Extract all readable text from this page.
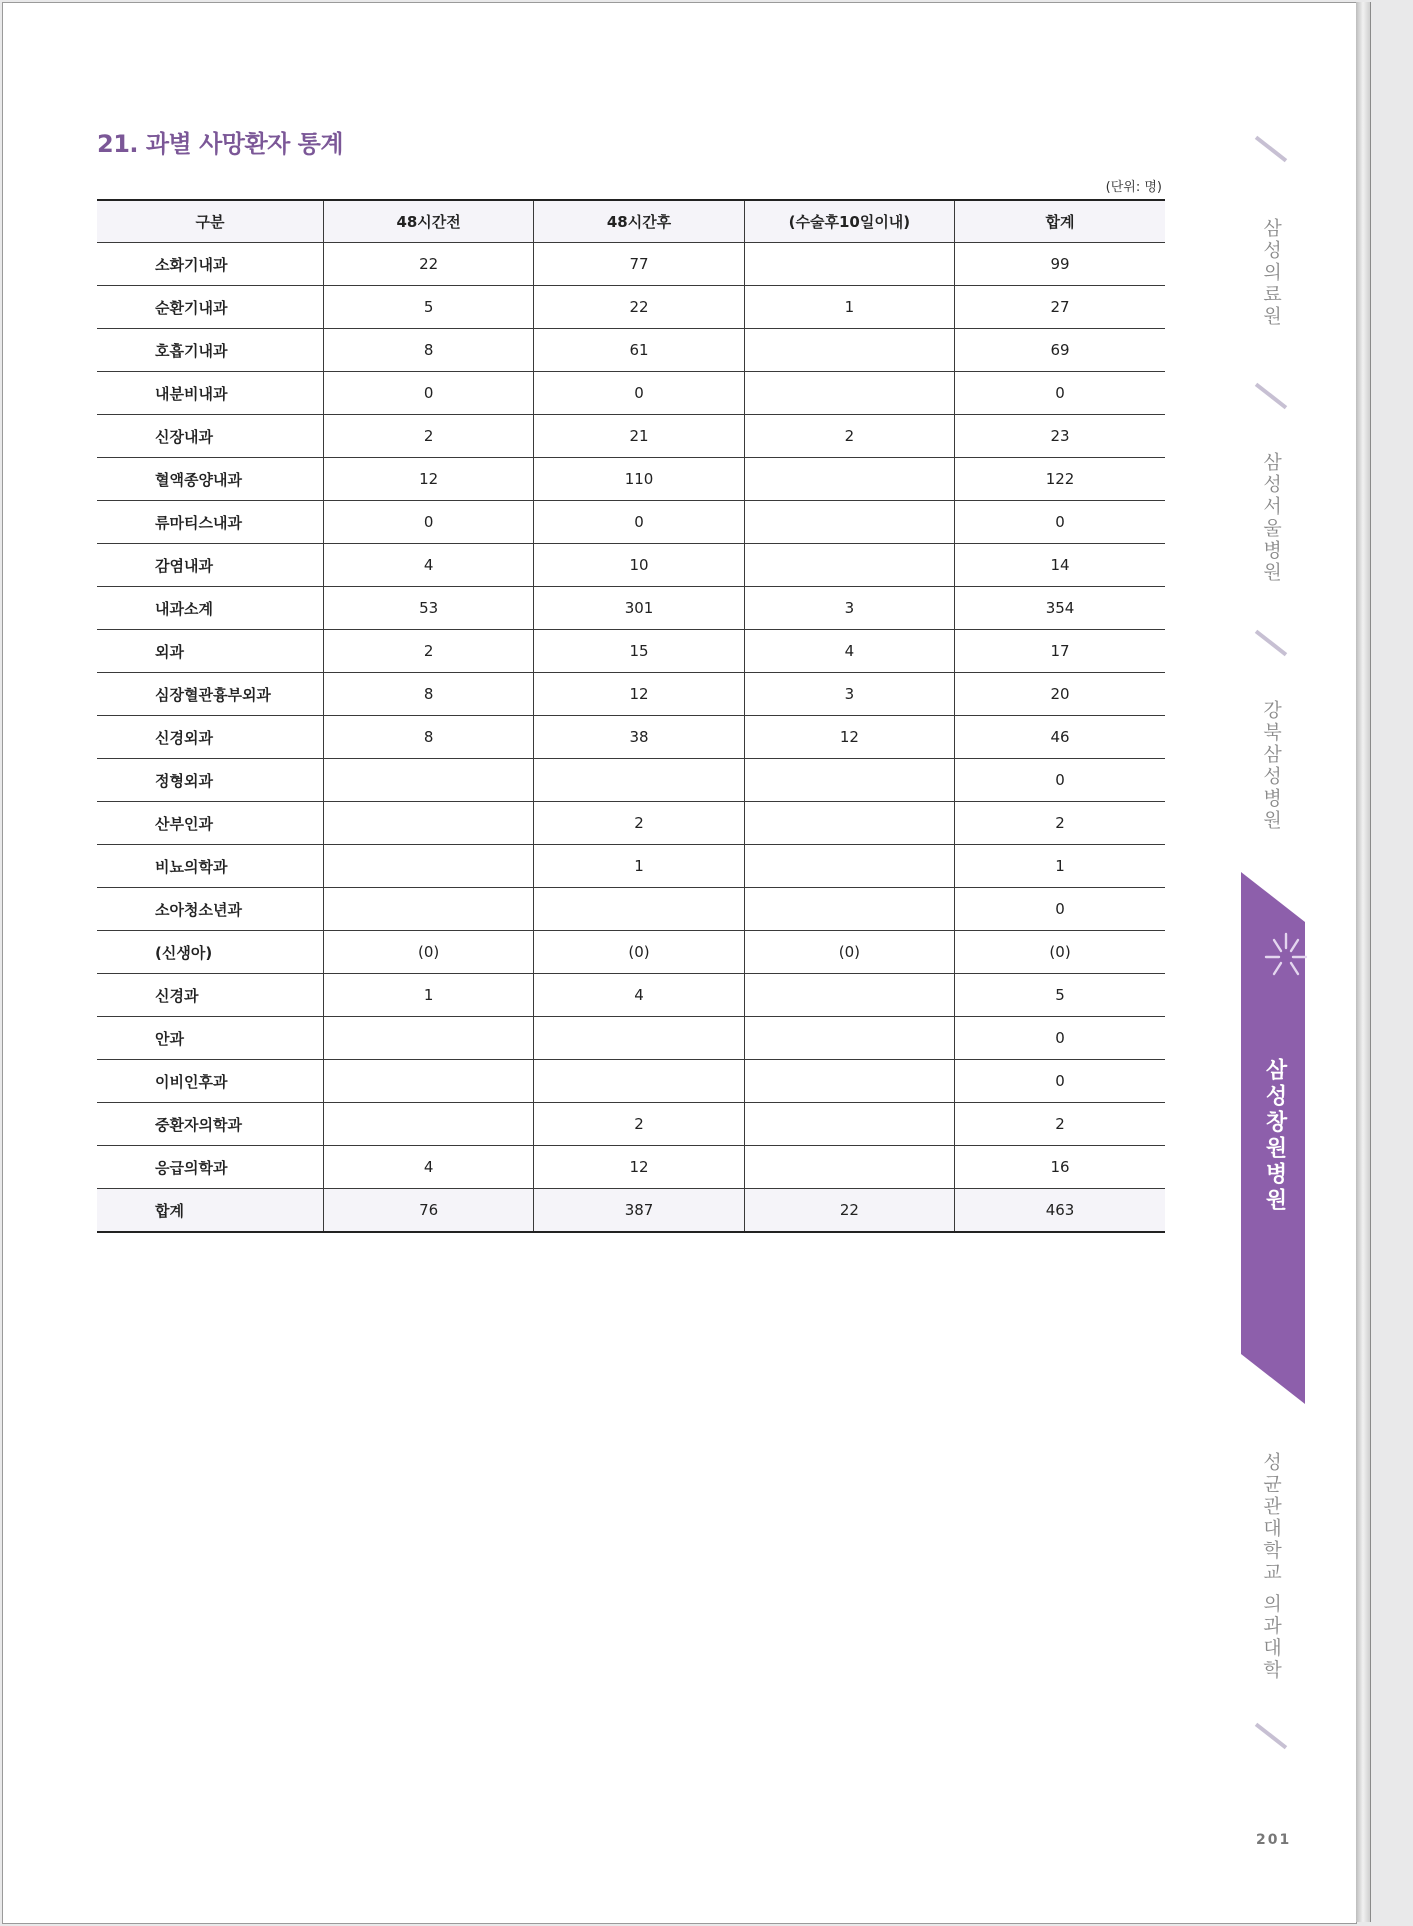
21. 과별 사망환자 통계
(단위: 명)
구분	48시간전	48시간후	(수술후10일이내)	합계
소화기내과	22	77		99
순환기내과	5	22	1	27
호흡기내과	8	61		69
내분비내과	0	0		0
신장내과	2	21	2	23
혈액종양내과	12	110		122
류마티스내과	0	0		0
감염내과	4	10		14
내과소계	53	301	3	354
외과	2	15	4	17
심장혈관흉부외과	8	12	3	20
신경외과	8	38	12	46
정형외과				0
산부인과		2		2
비뇨의학과		1		1
소아청소년과				0
(신생아)	(0)	(0)	(0)	(0)
신경과	1	4		5
안과				0
이비인후과				0
중환자의학과		2		2
응급의학과	4	12		16
합계	76	387	22	463
삼성의료원
삼성서울병원
강북삼성병원
삼성창원병원
성균관대학교 의과대학
201
